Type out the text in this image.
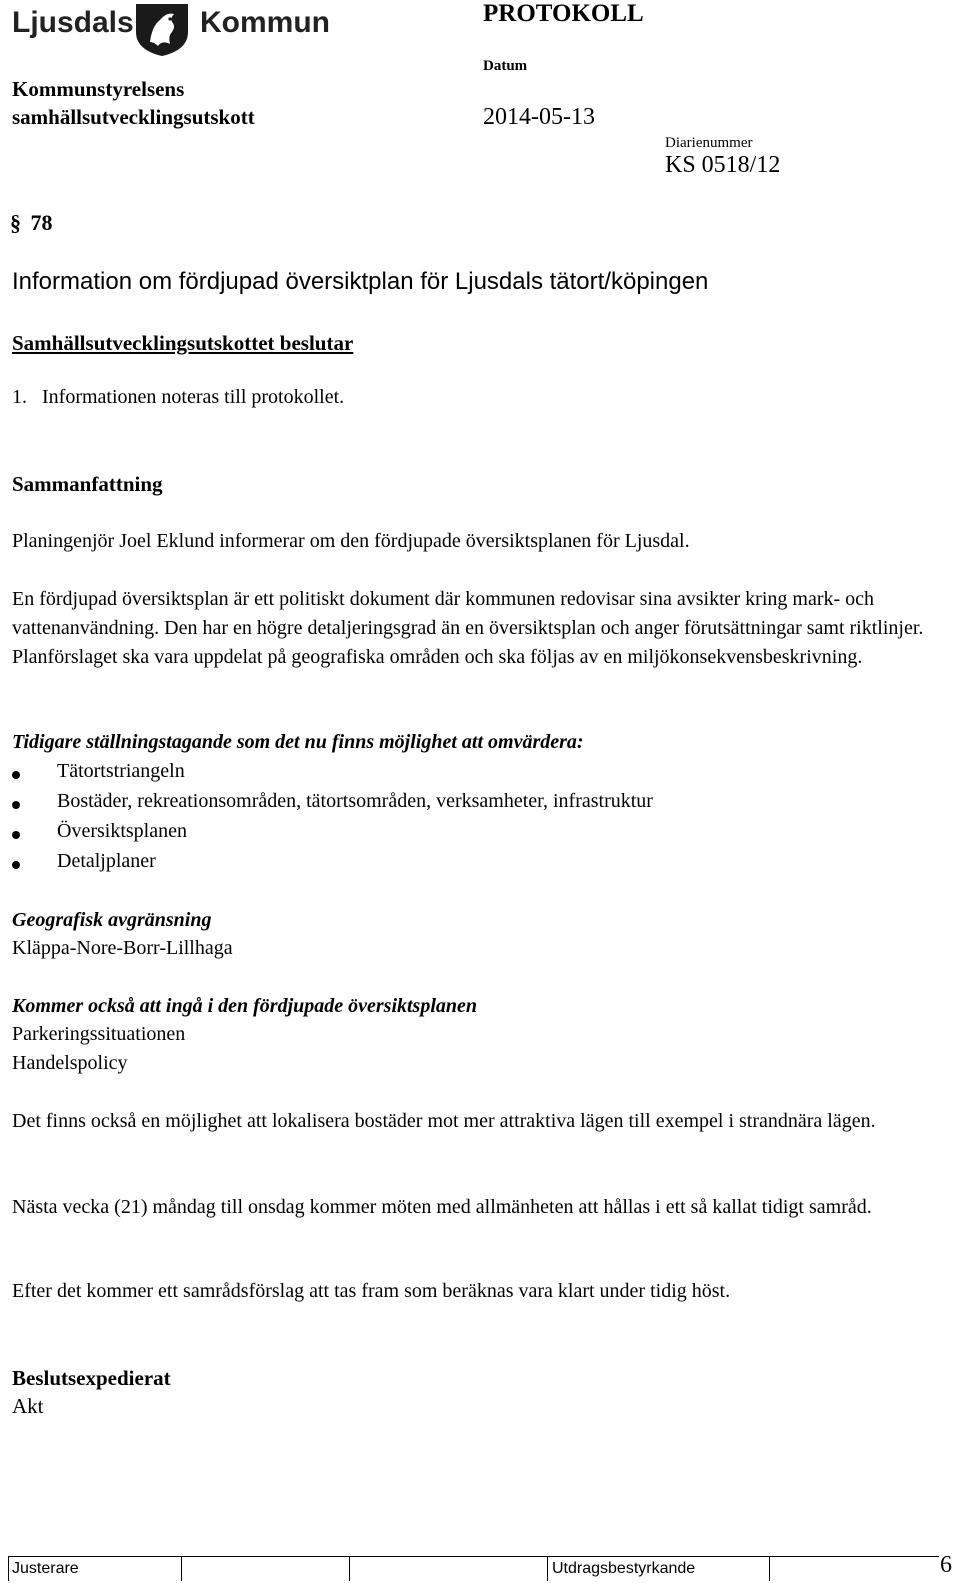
Ljusdals Kommun
Kommunstyrelsens
samhällsutvecklingsutskott
PROTOKOLL
Datum
2014-05-13
Diarienummer
KS 0518/12
§ 78
Information om fördjupad översiktplan för Ljusdals tätort/köpingen
Samhällsutvecklingsutskottet beslutar
1.   Informationen noteras till protokollet.
Sammanfattning
Planingenjör Joel Eklund informerar om den fördjupade översiktsplanen för Ljusdal.
En fördjupad översiktsplan är ett politiskt dokument där kommunen redovisar sina avsikter kring mark- och vattenanvändning. Den har en högre detaljeringsgrad än en översiktsplan och anger förutsättningar samt riktlinjer. Planförslaget ska vara uppdelat på geografiska områden och ska följas av en miljökonsekvensbeskrivning.
Tidigare ställningstagande som det nu finns möjlighet att omvärdera:
Tätortstriangeln
Bostäder, rekreationsområden, tätortsområden, verksamheter, infrastruktur
Översiktsplanen
Detaljplaner
Geografisk avgränsning
Kläppa-Nore-Borr-Lillhaga
Kommer också att ingå i den fördjupade översiktsplanen
Parkeringssituationen
Handelspolicy
Det finns också en möjlighet att lokalisera bostäder mot mer attraktiva lägen till exempel i strandnära lägen.
Nästa vecka (21) måndag till onsdag kommer möten med allmänheten att hållas i ett så kallat tidigt samråd.
Efter det kommer ett samrådsförslag att tas fram som beräknas vara klart under tidig höst.
Beslutsexpedierat
Akt
Justerare	Utdragsbestyrkande	6
